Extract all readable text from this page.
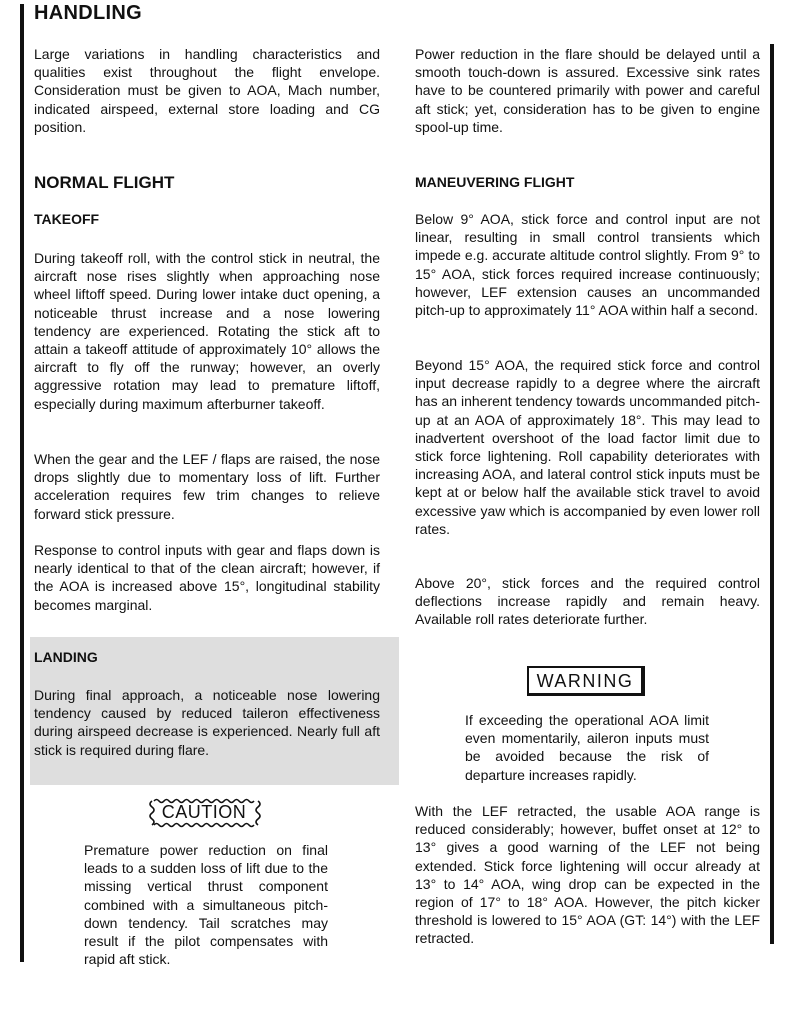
HANDLING

Large variations in handling characteristics and qualities exist throughout the flight envelope. Consideration must be given to AOA, Mach number, indicated airspeed, external store loading and CG position.

NORMAL FLIGHT
TAKEOFF

During takeoff roll, with the control stick in neutral, the aircraft nose rises slightly when approaching nose wheel liftoff speed. During lower intake duct opening, a noticeable thrust increase and a nose lowering tendency are experienced. Rotating the stick aft to attain a takeoff attitude of approximately 10° allows the aircraft to fly off the runway; however, an overly aggressive rotation may lead to premature liftoff, especially during maximum afterburner takeoff.

When the gear and the LEF / flaps are raised, the nose drops slightly due to momentary loss of lift. Further acceleration requires few trim changes to relieve forward stick pressure.

Response to control inputs with gear and flaps down is nearly identical to that of the clean aircraft; however, if the AOA is increased above 15°, longitudinal stability becomes marginal.

LANDING

During final approach, a noticeable nose lowering tendency caused by reduced taileron effectiveness during airspeed decrease is experienced. Nearly full aft stick is required during flare.

CAUTION

Premature power reduction on final leads to a sudden loss of lift due to the missing vertical thrust component combined with a simultaneous pitch-down tendency. Tail scratches may result if the pilot compensates with rapid aft stick.

Power reduction in the flare should be delayed until a smooth touch-down is assured. Excessive sink rates have to be countered primarily with power and careful aft stick; yet, consideration has to be given to engine spool-up time.

MANEUVERING FLIGHT

Below 9° AOA, stick force and control input are not linear, resulting in small control transients which impede e.g. accurate altitude control slightly. From 9° to 15° AOA, stick forces required increase continuously; however, LEF extension causes an uncommanded pitch-up to approximately 11° AOA within half a second.

Beyond 15° AOA, the required stick force and control input decrease rapidly to a degree where the aircraft has an inherent tendency towards uncommanded pitch-up at an AOA of approximately 18°. This may lead to inadvertent overshoot of the load factor limit due to stick force lightening. Roll capability deteriorates with increasing AOA, and lateral control stick inputs must be kept at or below half the available stick travel to avoid excessive yaw which is accompanied by even lower roll rates.

Above 20°, stick forces and the required control deflections increase rapidly and remain heavy. Available roll rates deteriorate further.

WARNING

If exceeding the operational AOA limit even momentarily, aileron inputs must be avoided because the risk of departure increases rapidly.

With the LEF retracted, the usable AOA range is reduced considerably; however, buffet onset at 12° to 13° gives a good warning of the LEF not being extended. Stick force lightening will occur already at 13° to 14° AOA, wing drop can be expected in the region of 17° to 18° AOA. However, the pitch kicker threshold is lowered to 15° AOA (GT: 14°) with the LEF retracted.
